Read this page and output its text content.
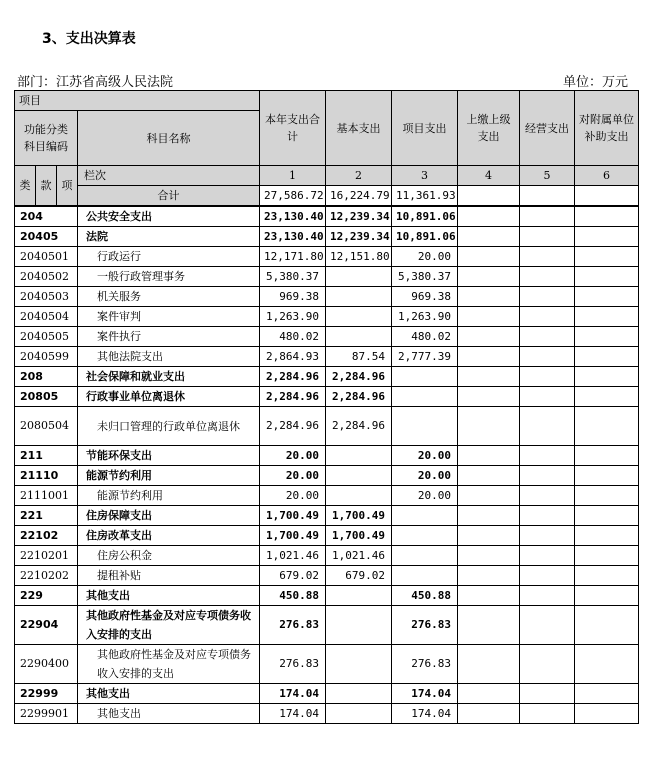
3、支出决算表
部门：江苏省高级人民法院	单位：万元
项目				本年支出合计	基本支出	项目支出	上缴上级支出	经营支出	对附属单位补助支出
功能分类科目编码			科目名称						

类	款	项	栏次	1	2	3	4	5	6
			合计	27,586.72	16,224.79	11,361.93			
204			公共安全支出	23,130.40	12,239.34	10,891.06			
20405			法院	23,130.40	12,239.34	10,891.06			
2040501			行政运行	12,171.80	12,151.80	20.00			
2040502			一般行政管理事务	5,380.37		5,380.37			
2040503			机关服务	969.38		969.38			
2040504			案件审判	1,263.90		1,263.90			
2040505			案件执行	480.02		480.02			
2040599			其他法院支出	2,864.93	87.54	2,777.39			
208			社会保障和就业支出	2,284.96	2,284.96				
20805			行政事业单位离退休	2,284.96	2,284.96				
2080504			未归口管理的行政单位离退休	2,284.96	2,284.96				
211			节能环保支出	20.00		20.00			
21110			能源节约利用	20.00		20.00			
2111001			能源节约利用	20.00		20.00			
221			住房保障支出	1,700.49	1,700.49				
22102			住房改革支出	1,700.49	1,700.49				
2210201			住房公积金	1,021.46	1,021.46				
2210202			提租补贴	679.02	679.02				
229			其他支出	450.88		450.88			
22904			其他政府性基金及对应专项债务收入安排的支出	276.83		276.83			
2290400			其他政府性基金及对应专项债务收入安排的支出	276.83		276.83			
22999			其他支出	174.04		174.04			
2299901			其他支出	174.04		174.04			
